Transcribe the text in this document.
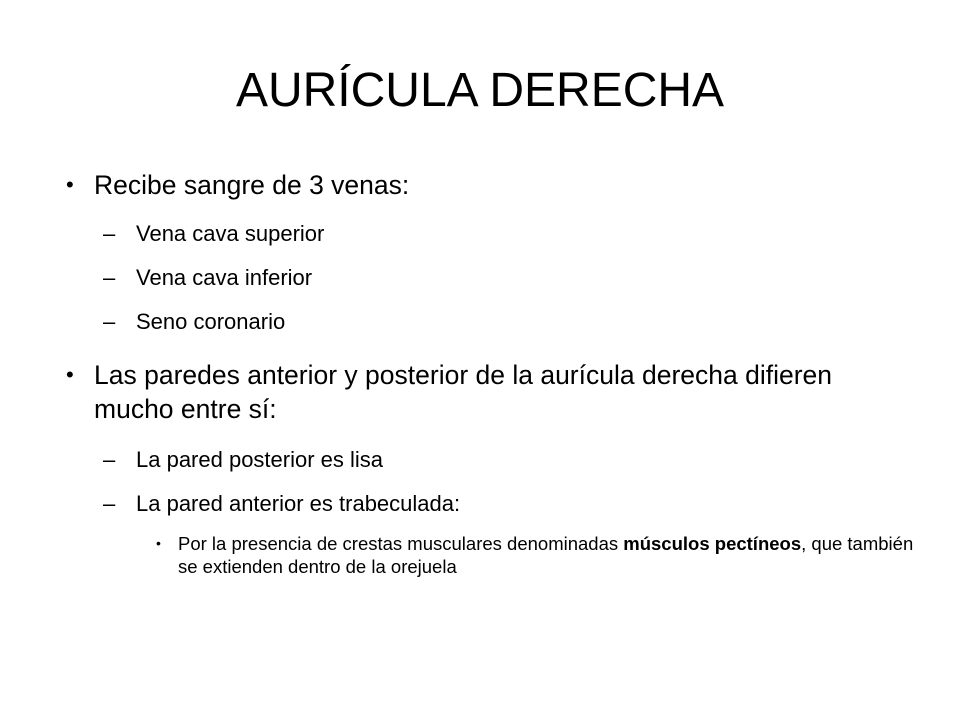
AURÍCULA DERECHA
• Recibe sangre de 3 venas:
– Vena cava superior
– Vena cava inferior
– Seno coronario
• Las paredes anterior y posterior de la aurícula derecha difieren mucho entre sí:
– La pared posterior es lisa
– La pared anterior es trabeculada:
• Por la presencia de crestas musculares denominadas músculos pectíneos, que también se extienden dentro de la orejuela
